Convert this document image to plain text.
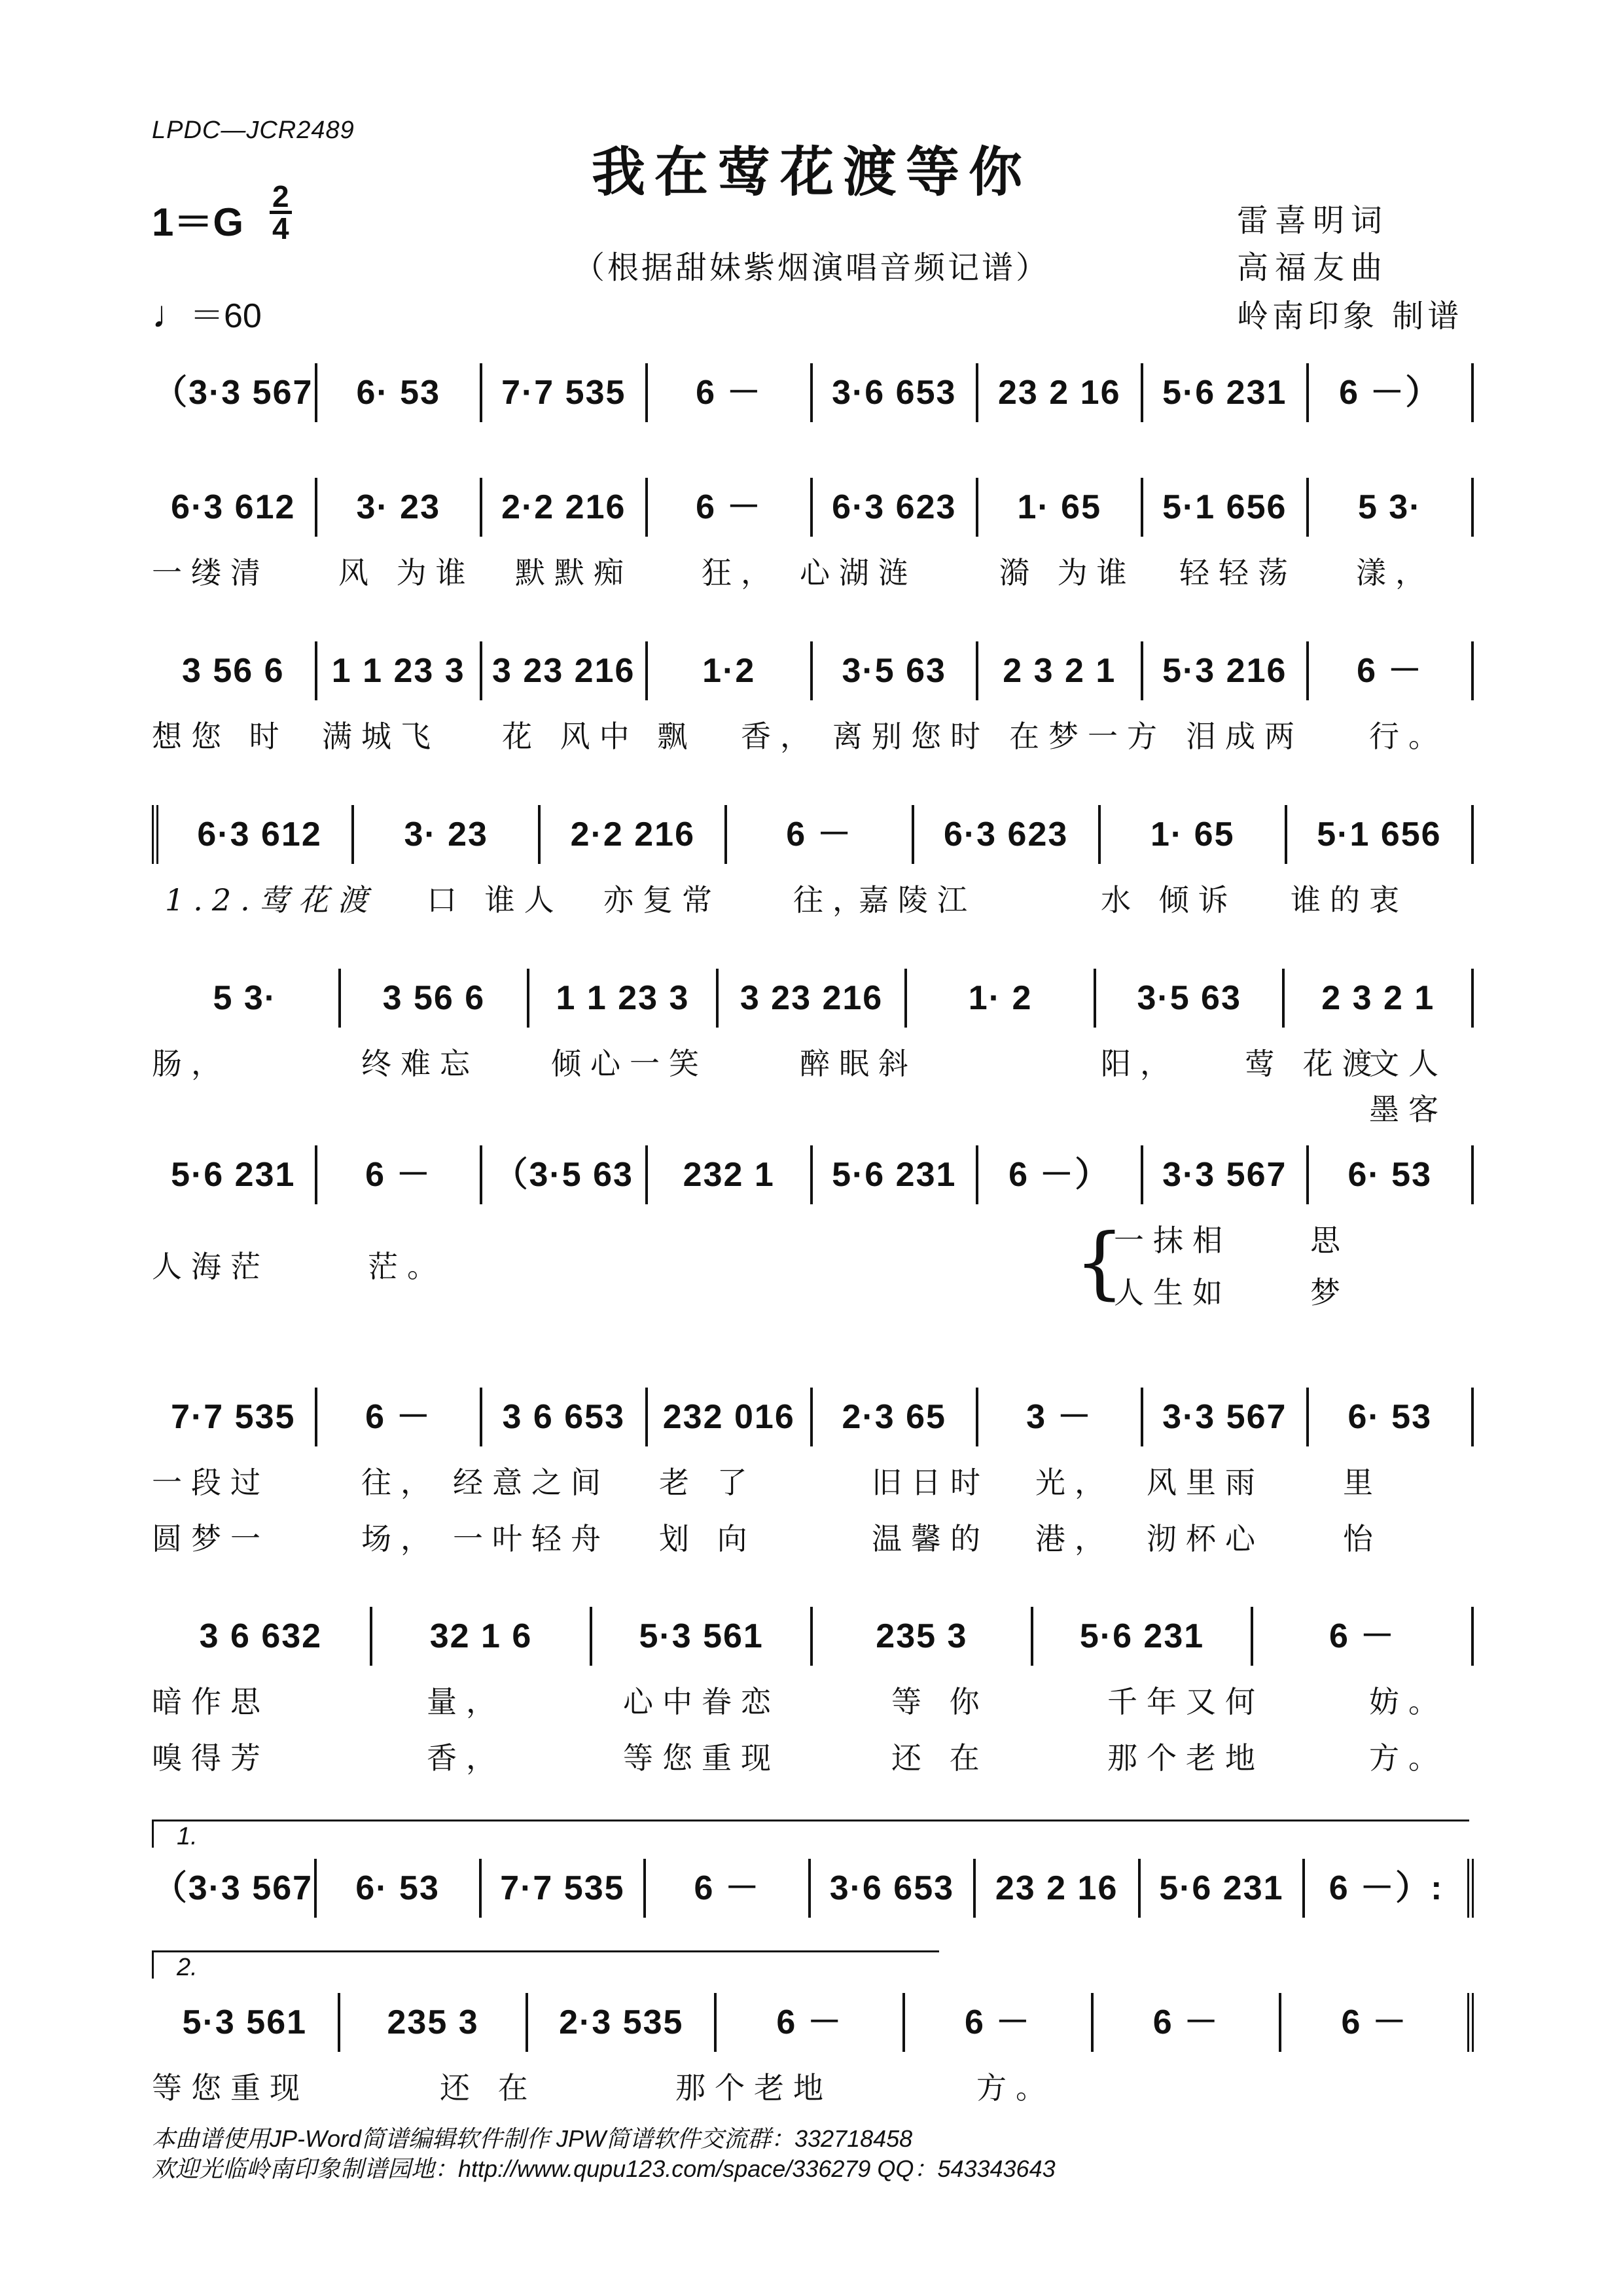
LPDC—JCR2489
我在莺花渡等你
（根据甜妹紫烟演唱音频记谱）
$1=G \frac{2}{4}$
♩＝60
雷喜明词
高福友曲
岭南印象 制谱
（3·3 567	6· 53	7·7 535	6 －	3·6 653	23 2 16	5·6 231	6 －）
6·3 612	3· 23	2·2 216	6 －	6·3 623	1· 65	5·1 656	5 3·
一缕清 风 为谁 默默痴 狂， 心湖涟	漪 为谁 轻轻荡 漾，
3 56 6	1 1 23 3 3 23 216	1·2	3·5 63	2 3 2 1	5·3 216	6 －
想您 时 满城飞 花 风中 飘 香， 离别您时 在梦一方 泪成两 行。
6·3 612	3· 23	2·2 216	6 －	6·3 623	1· 65	5·1 656
1.2.莺花渡 口 谁人 亦复常 往，
嘉陵江	水 倾诉 谁的衷
5 3·	3 56 6	1 1 23 3	3 23 216	1· 2	3·5 63	2 3 2 1
肠，	终难忘 倾心一笑	醉眠斜	阳， 莺 花渡
文人墨客
5·6 231	6 －	（3·5 63	232 1	5·6 231	6 －）	3·3 567	6· 53
人海茫	茫。	{
一抹相	思
人生如	梦
7·7 535	6 －	3 6 653	232 016	2·3 65	3 －	3·3 567	6· 53
一段过	往， 经意之间 老 了	旧日时 光， 风里雨	里
圆梦一	场， 一叶轻舟 划 向	温馨的 港， 沏杯心	怡
3 6 632	32 1 6	5·3 561	235 3	5·6 231	6 －
暗作思	量，	心中眷恋	等 你	千年又何	妨。
嗅得芳	香，	等您重现	还 在	那个老地	方。
1.
（3·3 567	6· 53	7·7 535	6 －	3·6 653	23 2 16	5·6 231	6 －）:
2.
5·3 561	235 3	2·3 535	6 －	6 －	6 －	6 －
等您重现	还 在	那个老地	方。
本曲谱使用JP-Word简谱编辑软件制作 JPW简谱软件交流群：332718458
欢迎光临岭南印象制谱园地：http://www.qupu123.com/space/336279 QQ：543343643
